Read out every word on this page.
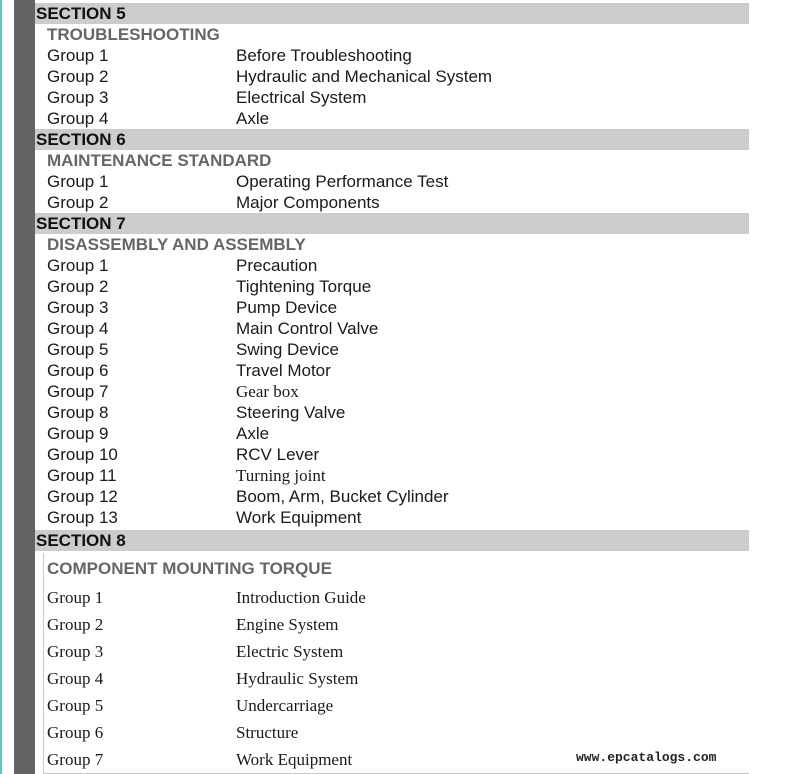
SECTION 5
TROUBLESHOOTING
Group 1	Before Troubleshooting
Group 2	Hydraulic and Mechanical System
Group 3	Electrical System
Group 4	Axle
SECTION 6
MAINTENANCE STANDARD
Group 1	Operating Performance Test
Group 2	Major Components
SECTION 7
DISASSEMBLY AND ASSEMBLY
Group 1	Precaution
Group 2	Tightening Torque
Group 3	Pump Device
Group 4	Main Control Valve
Group 5	Swing Device
Group 6	Travel Motor
Group 7	Gear box
Group 8	Steering Valve
Group 9	Axle
Group 10	RCV Lever
Group 11	Turning joint
Group 12	Boom, Arm, Bucket Cylinder
Group 13	Work Equipment
SECTION 8
COMPONENT MOUNTING TORQUE
Group 1	Introduction Guide
Group 2	Engine System
Group 3	Electric System
Group 4	Hydraulic System
Group 5	Undercarriage
Group 6	Structure
Group 7	Work Equipment	www.epcatalogs.com
